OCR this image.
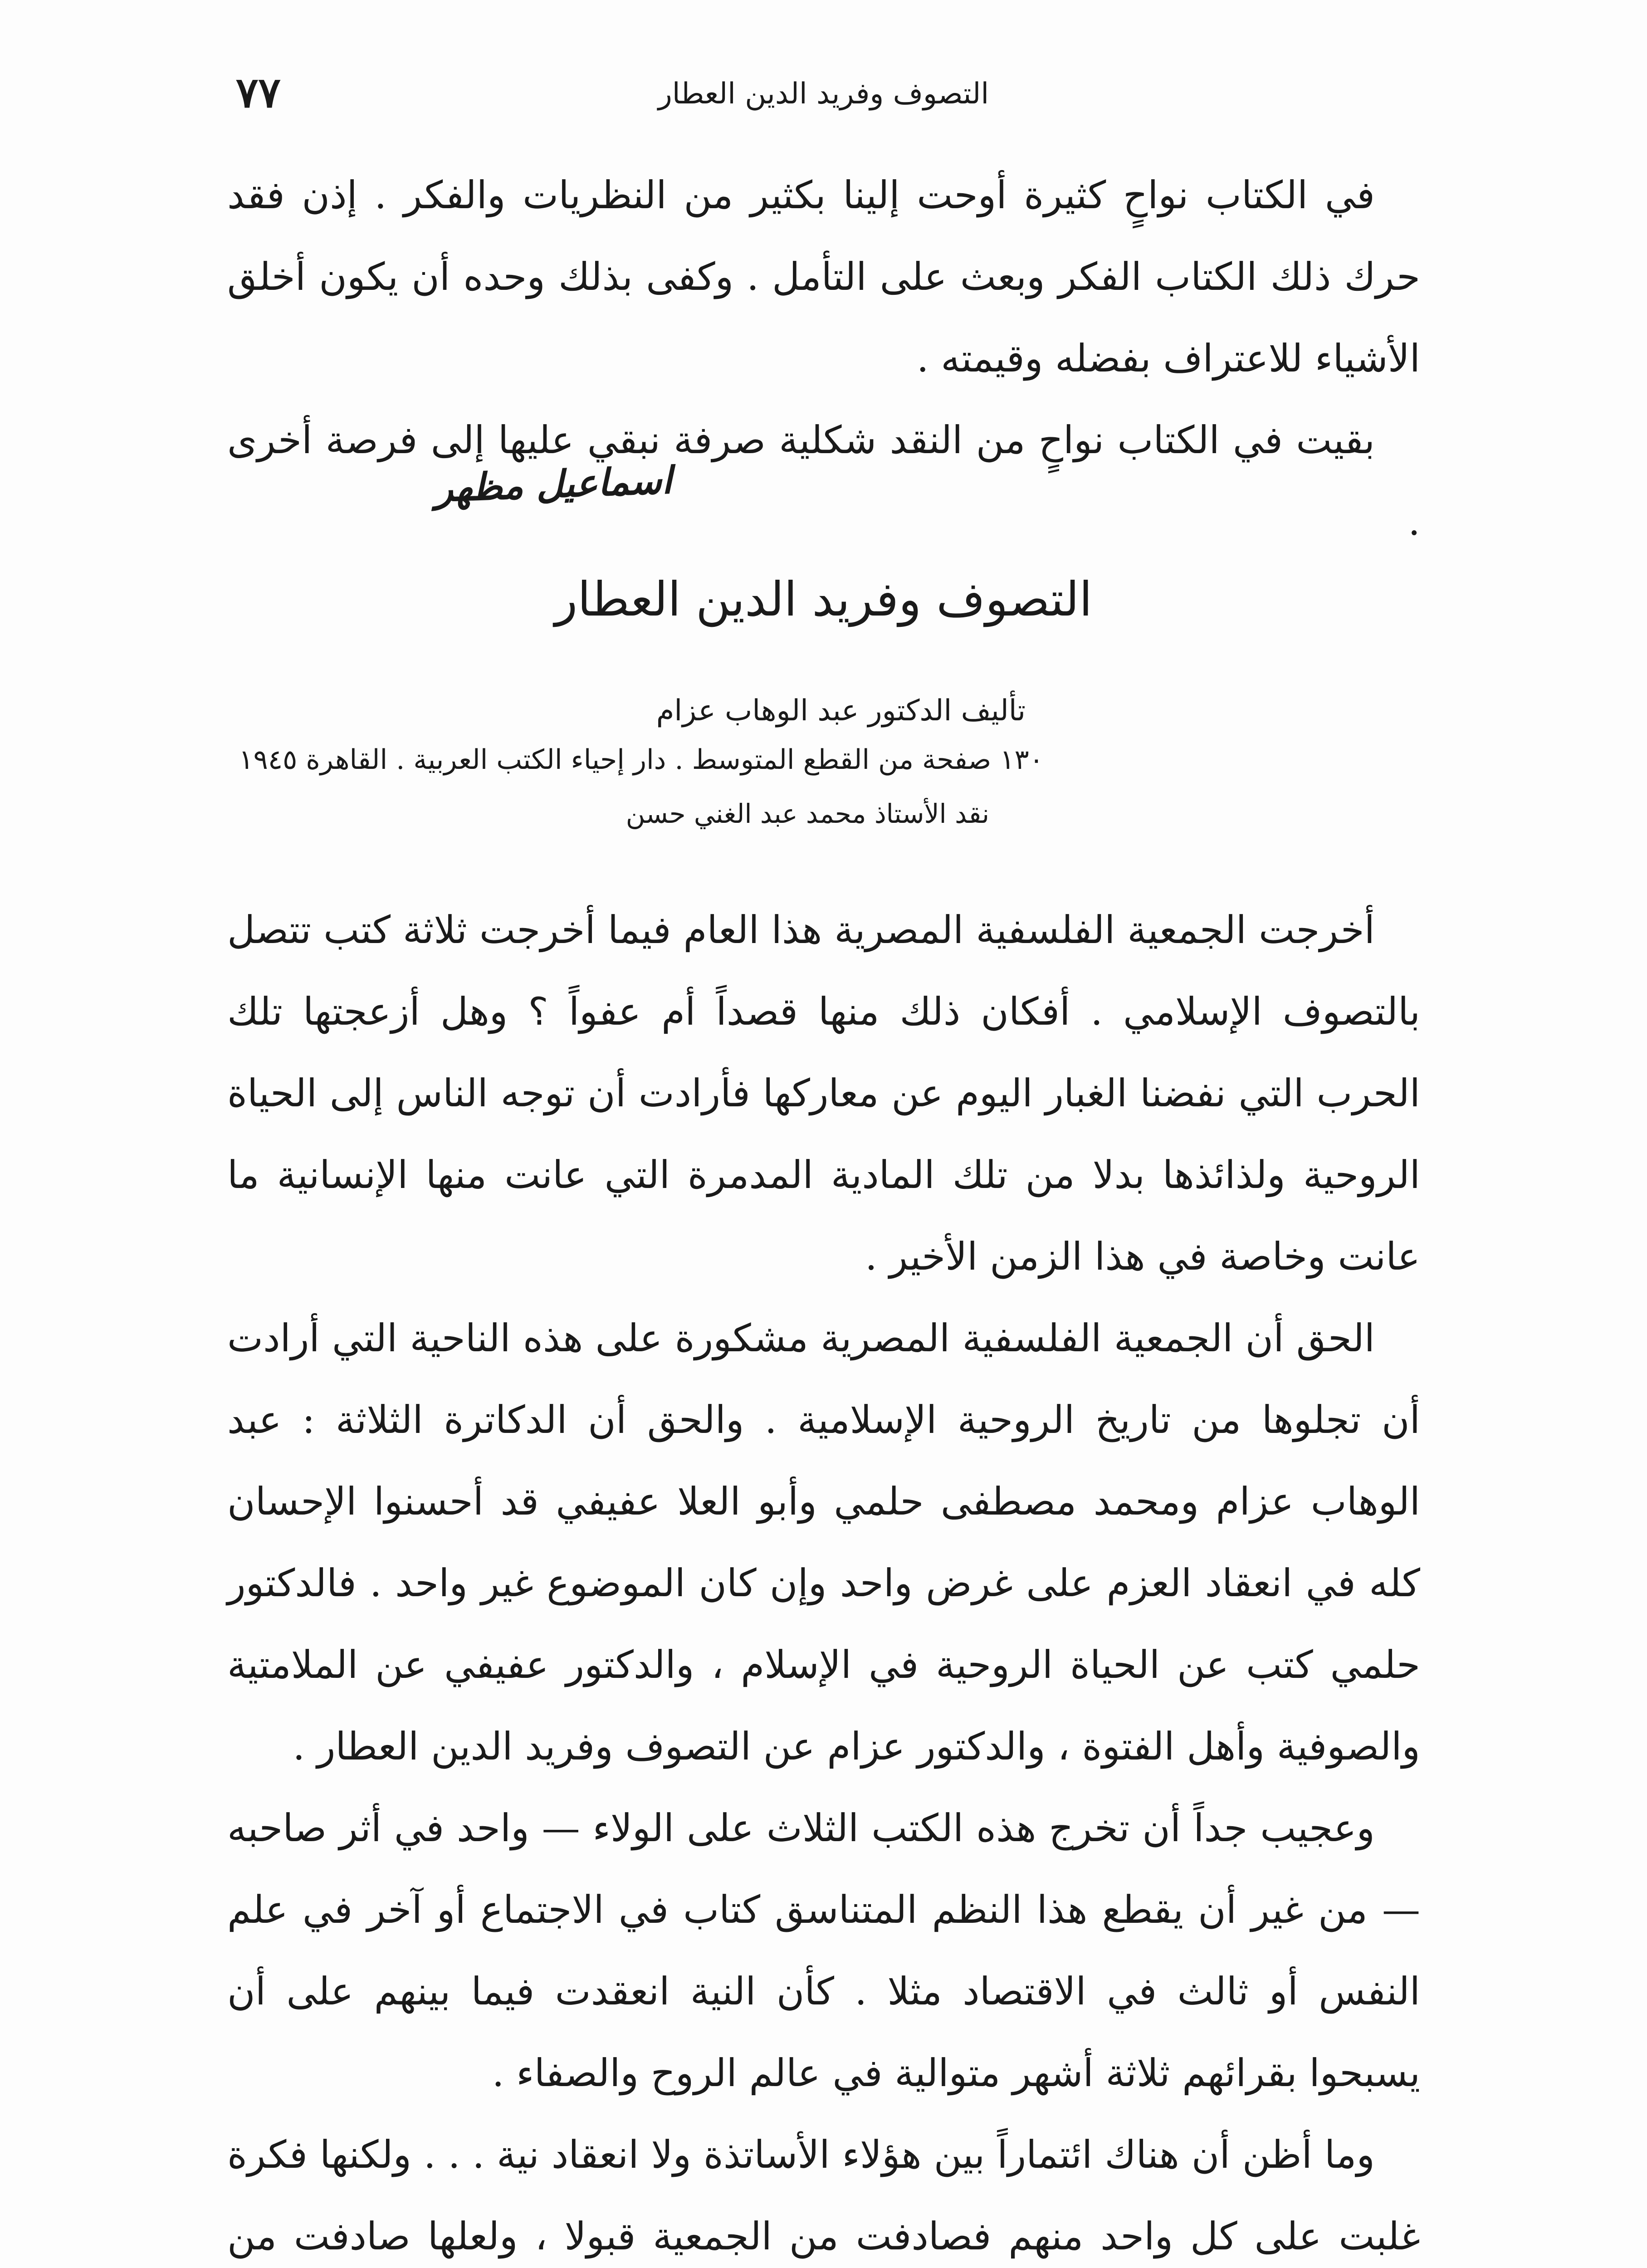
٧٧	التصوف وفريد الدين العطار

في الكتاب نواحٍ كثيرة أوحت إلينا بكثير من النظريات والفكر . إذن فقد حرك ذلك الكتاب الفكر وبعث على التأمل . وكفى بذلك وحده أن يكون أخلق الأشياء للاعتراف بفضله وقيمته .

بقيت في الكتاب نواحٍ من النقد شكلية صرفة نبقي عليها إلى فرصة أخرى .

اسماعيل مظهر
التصوف وفريد الدين العطار
تأليف الدكتور عبد الوهاب عزام
١٣٠ صفحة من القطع المتوسط . دار إحياء الكتب العربية . القاهرة ١٩٤٥
نقد الأستاذ محمد عبد الغني حسن

أخرجت الجمعية الفلسفية المصرية هذا العام فيما أخرجت ثلاثة كتب تتصل بالتصوف الإسلامي . أفكان ذلك منها قصداً أم عفواً ؟ وهل أزعجتها تلك الحرب التي نفضنا الغبار اليوم عن معاركها فأرادت أن توجه الناس إلى الحياة الروحية ولذائذها بدلا من تلك المادية المدمرة التي عانت منها الإنسانية ما عانت وخاصة في هذا الزمن الأخير .

الحق أن الجمعية الفلسفية المصرية مشكورة على هذه الناحية التي أرادت أن تجلوها من تاريخ الروحية الإسلامية . والحق أن الدكاترة الثلاثة : عبد الوهاب عزام ومحمد مصطفى حلمي وأبو العلا عفيفي قد أحسنوا الإحسان كله في انعقاد العزم على غرض واحد وإن كان الموضوع غير واحد . فالدكتور حلمي كتب عن الحياة الروحية في الإسلام ، والدكتور عفيفي عن الملامتية والصوفية وأهل الفتوة ، والدكتور عزام عن التصوف وفريد الدين العطار .

وعجيب جداً أن تخرج هذه الكتب الثلاث على الولاء — واحد في أثر صاحبه — من غير أن يقطع هذا النظم المتناسق كتاب في الاجتماع أو آخر في علم النفس أو ثالث في الاقتصاد مثلا . كأن النية انعقدت فيما بينهم على أن يسبحوا بقرائهم ثلاثة أشهر متوالية في عالم الروح والصفاء .

وما أظن أن هناك ائتماراً بين هؤلاء الأساتذة ولا انعقاد نية . . . ولكنها فكرة غلبت على كل واحد منهم فصادفت من الجمعية قبولا ، ولعلها صادفت من
